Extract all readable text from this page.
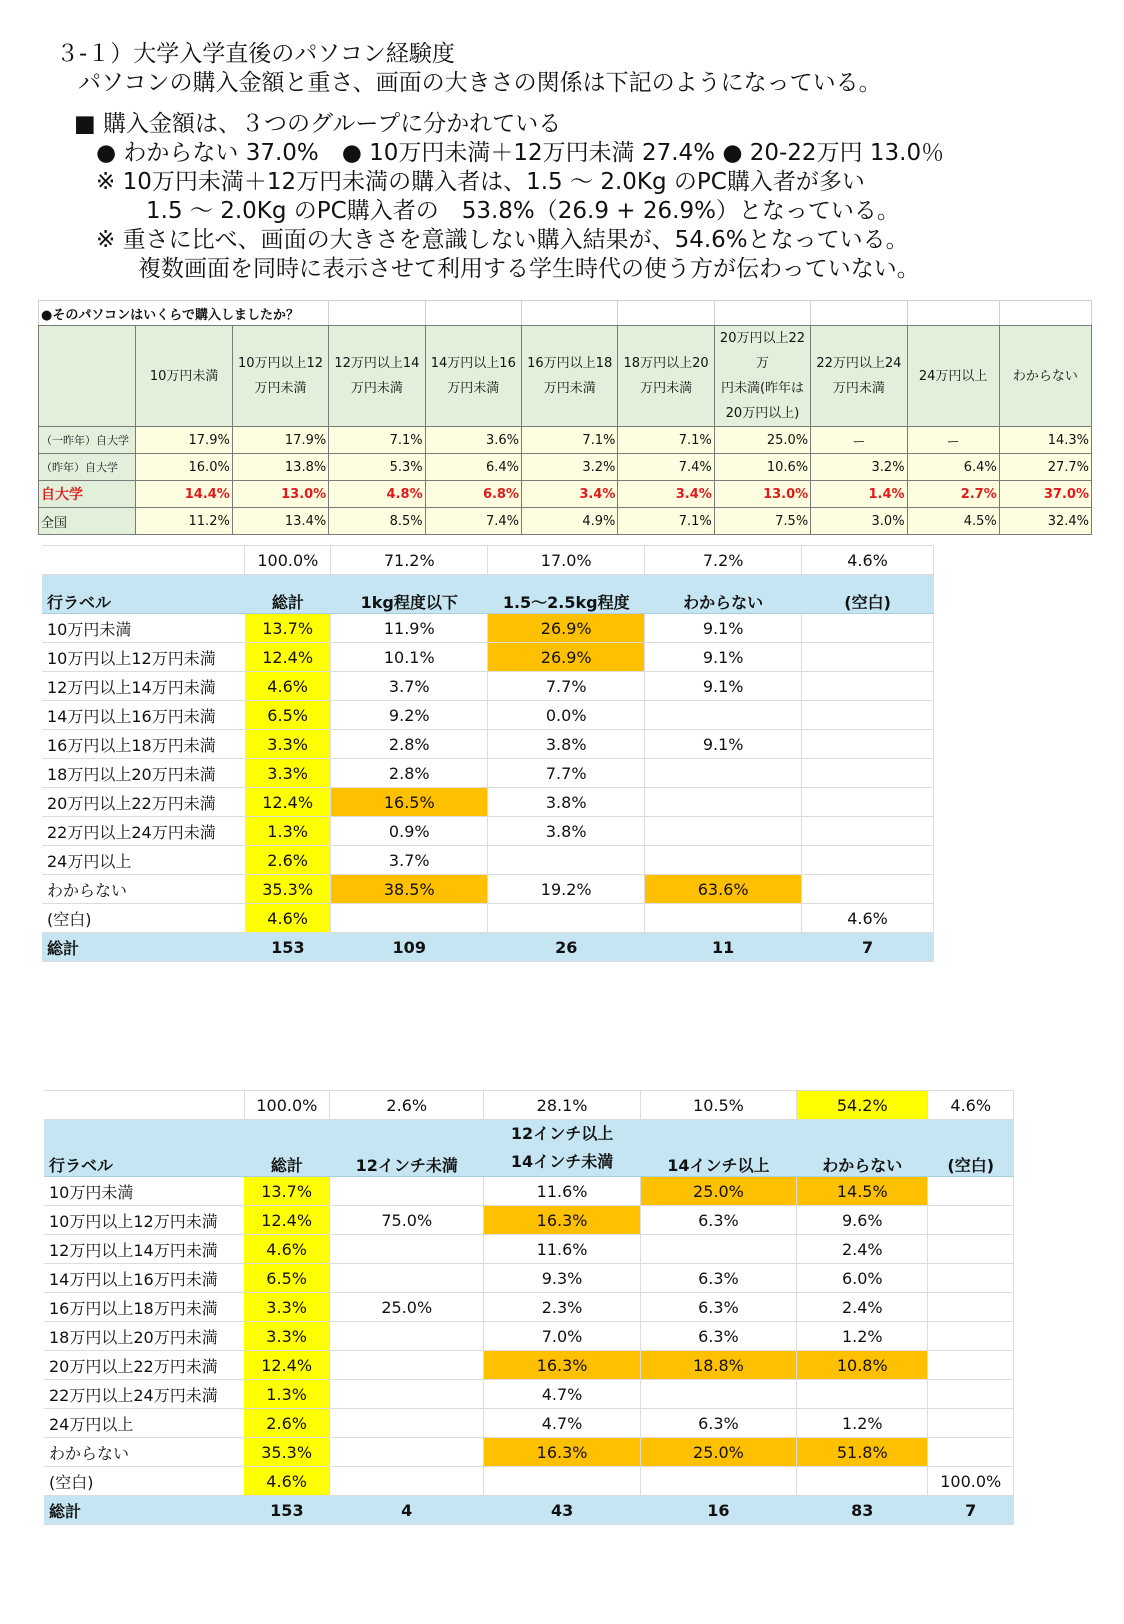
３-１）大学入学直後のパソコン経験度
パソコンの購入金額と重さ、画面の大きさの関係は下記のようになっている。
■ 購入金額は、３つのグループに分かれている
● わからない 37.0%　● 10万円未満＋12万円未満 27.4% ● 20-22万円 13.0％
※ 10万円未満＋12万円未満の購入者は、1.5 ～ 2.0Kg のPC購入者が多い
1.5 ～ 2.0Kg のPC購入者の　53.8%（26.9 + 26.9%）となっている。
※ 重さに比べ、画面の大きさを意識しない購入結果が、54.6%となっている。
複数画面を同時に表示させて利用する学生時代の使う方が伝わっていない。
●そのパソコンはいくらで購入しましたか？										
	10万円未満	10万円以上12
万円未満	12万円以上14
万円未満	14万円以上16
万円未満	16万円以上18
万円未満	18万円以上20
万円未満	20万円以上22万
円未満(昨年は
20万円以上)	22万円以上24
万円未満	24万円以上	わからない
（一昨年）自大学	17.9%	17.9%	7.1%	3.6%	7.1%	7.1%	25.0%	ー	ー	14.3%
（昨年）自大学	16.0%	13.8%	5.3%	6.4%	3.2%	7.4%	10.6%	3.2%	6.4%	27.7%
自大学	14.4%	13.0%	4.8%	6.8%	3.4%	3.4%	13.0%	1.4%	2.7%	37.0%
全国	11.2%	13.4%	8.5%	7.4%	4.9%	7.1%	7.5%	3.0%	4.5%	32.4%
	100.0%	71.2%	17.0%	7.2%	4.6%
行ラベル	総計	1kg程度以下	1.5～2.5kg程度	わからない	(空白)
10万円未満	13.7%	11.9%	26.9%	9.1%	
10万円以上12万円未満	12.4%	10.1%	26.9%	9.1%	
12万円以上14万円未満	4.6%	3.7%	7.7%	9.1%	
14万円以上16万円未満	6.5%	9.2%	0.0%		
16万円以上18万円未満	3.3%	2.8%	3.8%	9.1%	
18万円以上20万円未満	3.3%	2.8%	7.7%		
20万円以上22万円未満	12.4%	16.5%	3.8%		
22万円以上24万円未満	1.3%	0.9%	3.8%		
24万円以上	2.6%	3.7%			
わからない	35.3%	38.5%	19.2%	63.6%	
(空白)	4.6%				4.6%
総計	153	109	26	11	7
	100.0%	2.6%	28.1%	10.5%	54.2%	4.6%
行ラベル	総計	12インチ未満	12インチ以上
14インチ未満	14インチ以上	わからない	(空白)
10万円未満	13.7%		11.6%	25.0%	14.5%	
10万円以上12万円未満	12.4%	75.0%	16.3%	6.3%	9.6%	
12万円以上14万円未満	4.6%		11.6%		2.4%	
14万円以上16万円未満	6.5%		9.3%	6.3%	6.0%	
16万円以上18万円未満	3.3%	25.0%	2.3%	6.3%	2.4%	
18万円以上20万円未満	3.3%		7.0%	6.3%	1.2%	
20万円以上22万円未満	12.4%		16.3%	18.8%	10.8%	
22万円以上24万円未満	1.3%		4.7%			
24万円以上	2.6%		4.7%	6.3%	1.2%	
わからない	35.3%		16.3%	25.0%	51.8%	
(空白)	4.6%					100.0%
総計	153	4	43	16	83	7
